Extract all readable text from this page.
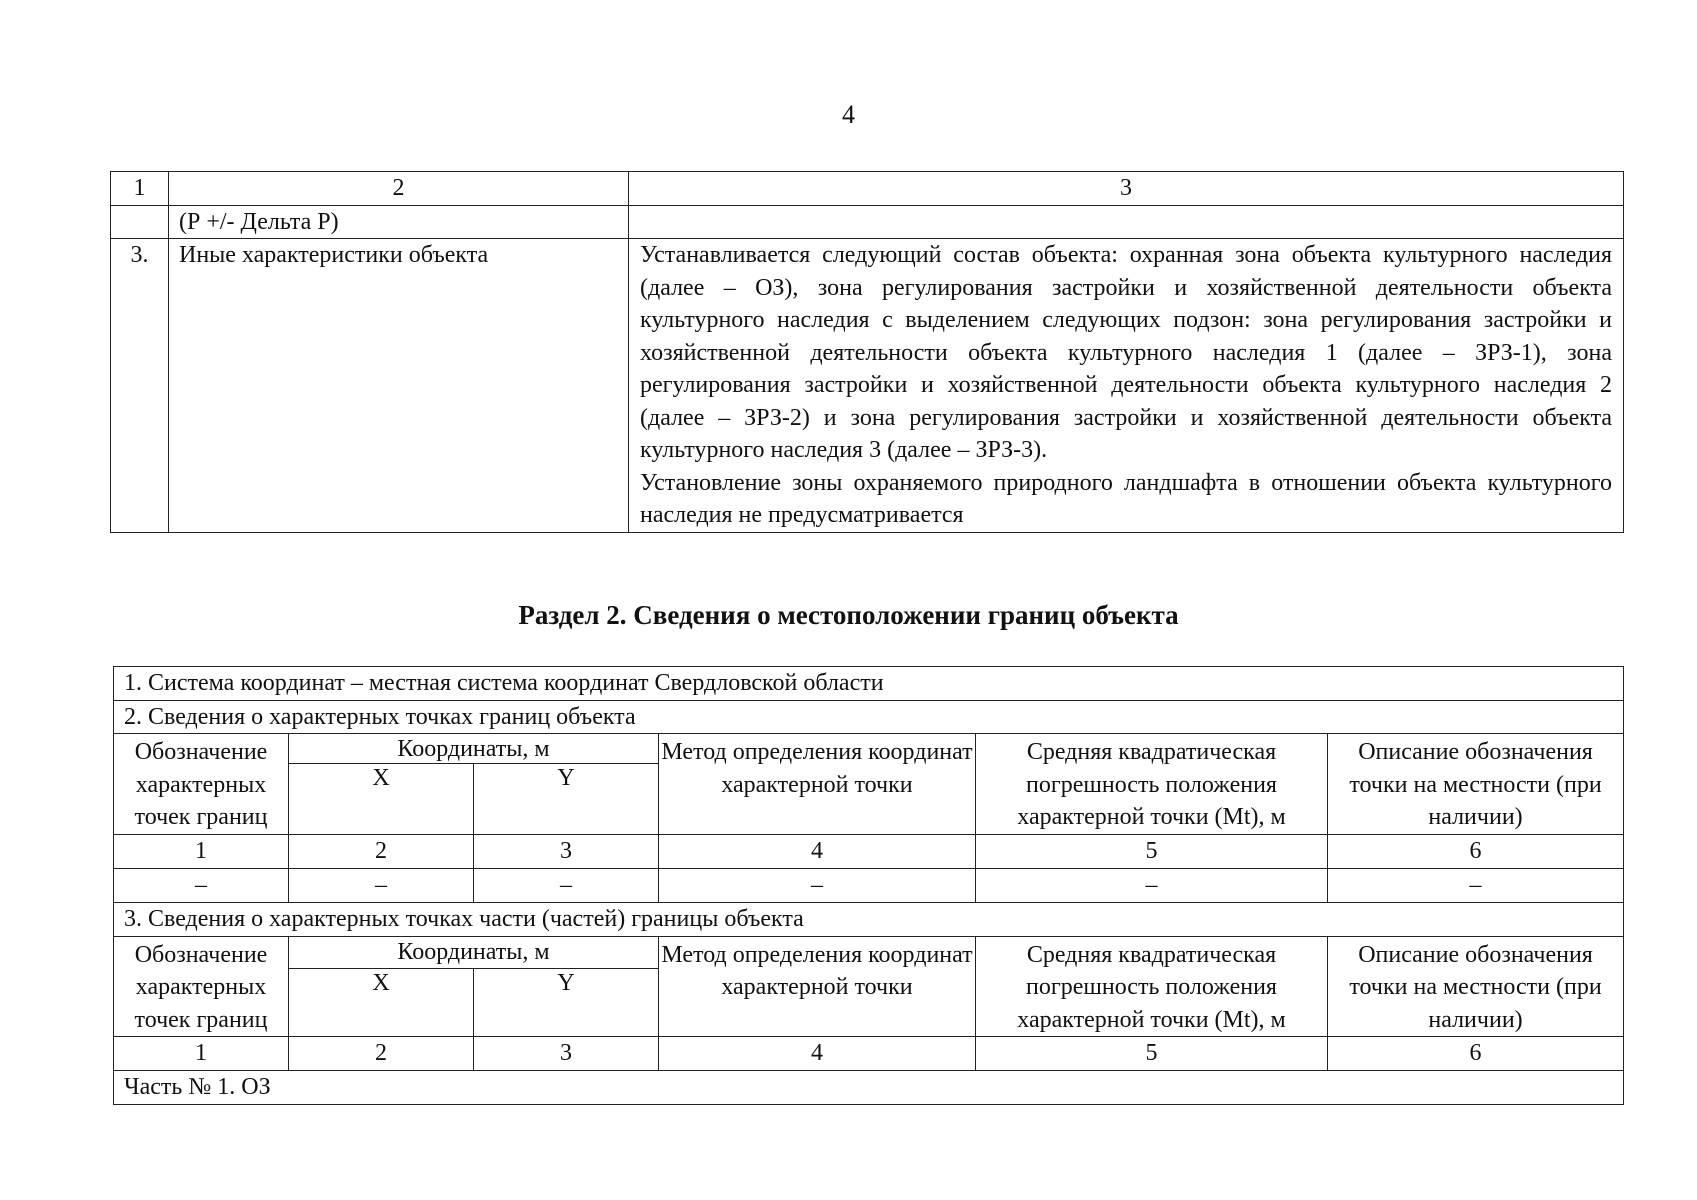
4
1	2	3
	(Р +/- Дельта Р)	
3.	Иные характеристики объекта	Устанавливается следующий состав объекта: охранная зона объекта культурного наследия (далее – ОЗ), зона регулирования застройки и хозяйственной деятельности объекта культурного наследия с выделением следующих подзон: зона регулирования застройки и хозяйственной деятельности объекта культурного наследия 1 (далее – ЗРЗ-1), зона регулирования застройки и хозяйственной деятельности объекта культурного наследия 2 (далее – ЗРЗ-2) и зона регулирования застройки и хозяйственной деятельности объекта культурного наследия 3 (далее – ЗРЗ-3).
Установление зоны охраняемого природного ландшафта в отношении объекта культурного наследия не предусматривается
Раздел 2. Сведения о местоположении границ объекта
1. Система координат – местная система координат Свердловской области					
2. Сведения о характерных точках границ объекта					
Обозначение характерных точек границ	Координаты, м		Метод определения координат характерной точки	Средняя квадратическая погрешность положения характерной точки (Mt), м	Описание обозначения точки на местности (при наличии)
	X	Y			
1	2	3	4	5	6
–	–	–	–	–	–
3. Сведения о характерных точках части (частей) границы объекта					
Обозначение характерных точек границ	Координаты, м		Метод определения координат характерной точки	Средняя квадратическая погрешность положения характерной точки (Mt), м	Описание обозначения точки на местности (при наличии)
	X	Y			
1	2	3	4	5	6
Часть № 1. ОЗ					
